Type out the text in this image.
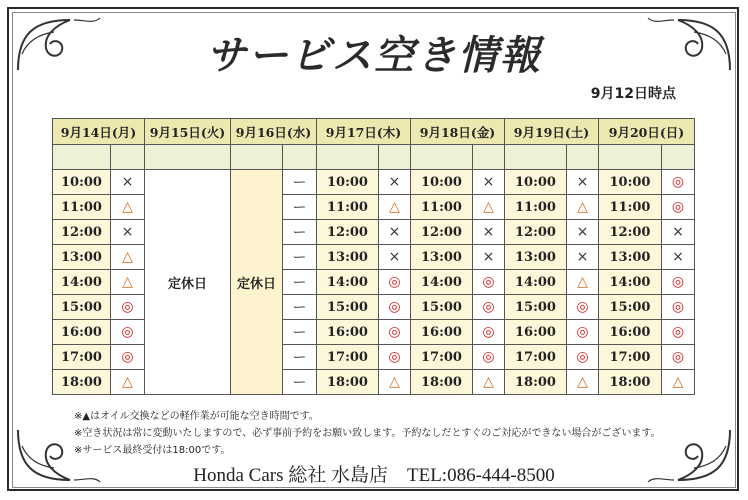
サービス空き情報
9月12日時点
9月14日(月)		9月15日(火)	9月16日(水)		9月17日(木)		9月18日(金)		9月19日(土)		9月20日(日)	

10:00	×	定休日	定休日	ー	10:00	×	10:00	×	10:00	×	10:00	◎
11:00	△			ー	11:00	△	11:00	△	11:00	△	11:00	◎
12:00	×			ー	12:00	×	12:00	×	12:00	×	12:00	×
13:00	△			ー	13:00	×	13:00	×	13:00	×	13:00	×
14:00	△			ー	14:00	◎	14:00	◎	14:00	△	14:00	◎
15:00	◎			ー	15:00	◎	15:00	◎	15:00	◎	15:00	◎
16:00	◎			ー	16:00	◎	16:00	◎	16:00	◎	16:00	◎
17:00	◎			ー	17:00	◎	17:00	◎	17:00	◎	17:00	◎
18:00	△			ー	18:00	△	18:00	△	18:00	△	18:00	△
※▲はオイル交換などの軽作業が可能な空き時間です。
※空き状況は常に変動いたしますので、必ず事前予約をお願い致します。予約なしだとすぐのご対応ができない場合がございます。
※サービス最終受付は18:00です。
Honda Cars 総社 水島店　TEL:086-444-8500
